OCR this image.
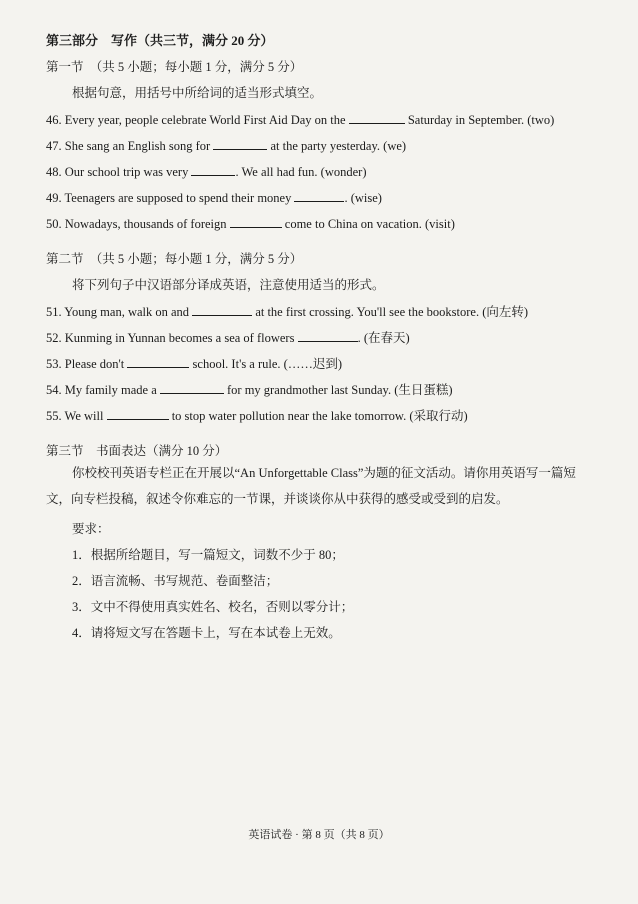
第三部分　写作（共三节，满分 20 分）
第一节　（共 5 小题；每小题 1 分，满分 5 分）
根据句意，用括号中所给词的适当形式填空。
46. Every year, people celebrate World First Aid Day on the	Saturday in September. (two)
47. She sang an English song for	at the party yesterday. (we)
48. Our school trip was very	. We all had fun. (wonder)
49. Teenagers are supposed to spend their money	. (wise)
50. Nowadays, thousands of foreign	come to China on vacation. (visit)
第二节　（共 5 小题；每小题 1 分，满分 5 分）
将下列句子中汉语部分译成英语，注意使用适当的形式。
51. Young man, walk on and	at the first crossing. You'll see the bookstore. (向左转)
52. Kunming in Yunnan becomes a sea of flowers	. (在春天)
53. Please don't	school. It's a rule. (……迟到)
54. My family made a	for my grandmother last Sunday. (生日蛋糕)
55. We will	to stop water pollution near the lake tomorrow. (采取行动)
第三节　书面表达（满分 10 分）
你校校刊英语专栏正在开展以“An Unforgettable Class”为题的征文活动。请你用英语写一篇短文，向专栏投稿，叙述令你难忘的一节课，并谈谈你从中获得的感受或受到的启发。
要求：
1．根据所给题目，写一篇短文，词数不少于 80；
2．语言流畅、书写规范、卷面整洁；
3．文中不得使用真实姓名、校名，否则以零分计；
4．请将短文写在答题卡上，写在本试卷上无效。
英语试卷 · 第 8 页（共 8 页）
